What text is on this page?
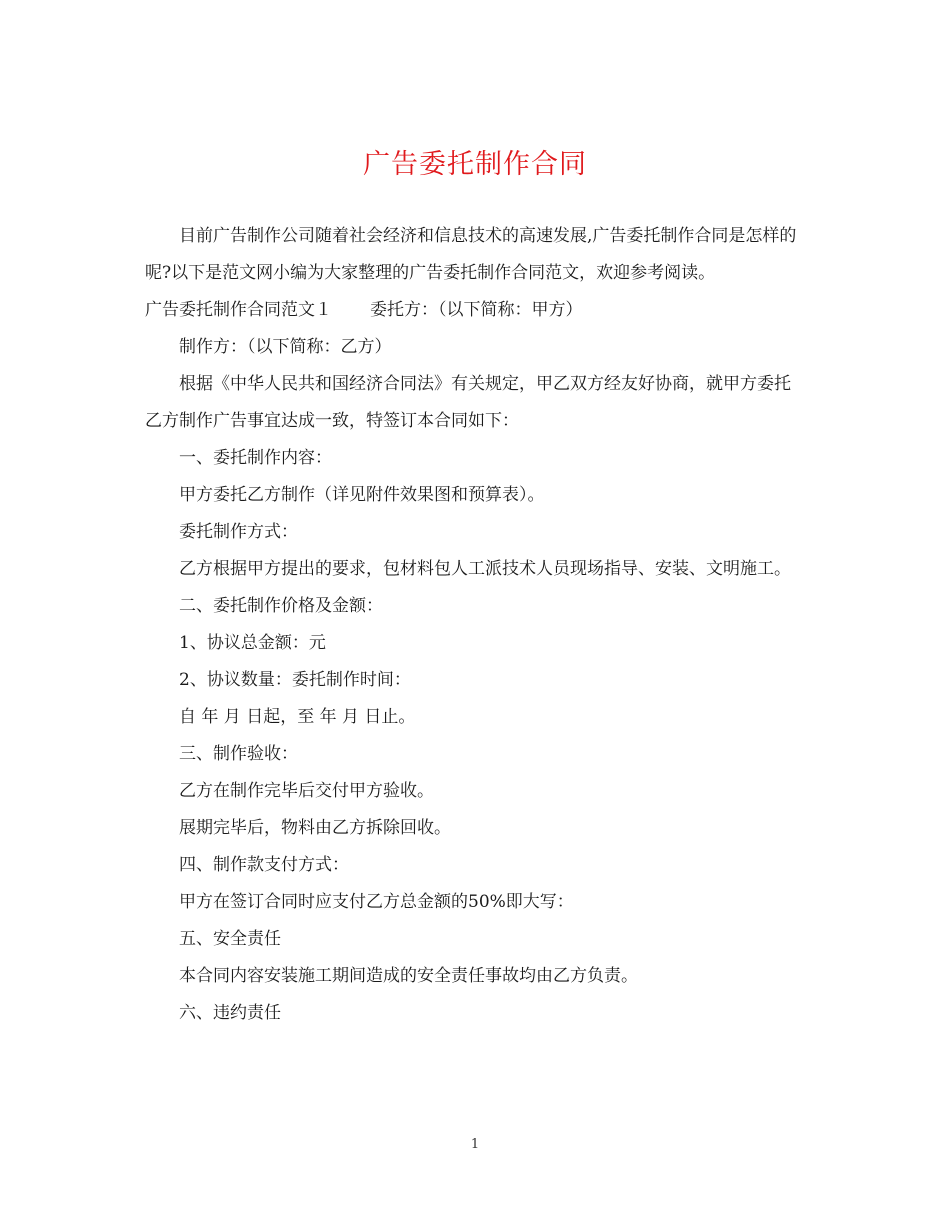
广告委托制作合同

目前广告制作公司随着社会经济和信息技术的高速发展,广告委托制作合同是怎样的呢?以下是范文网小编为大家整理的广告委托制作合同范文，欢迎参考阅读。

广告委托制作合同范文１ 委托方：（以下简称：甲方）

制作方：（以下简称：乙方）

根据《中华人民共和国经济合同法》有关规定，甲乙双方经友好协商，就甲方委托乙方制作广告事宜达成一致，特签订本合同如下：

一、委托制作内容：

甲方委托乙方制作（详见附件效果图和预算表）。

委托制作方式：

乙方根据甲方提出的要求，包材料包人工派技术人员现场指导、安装、文明施工。

二、委托制作价格及金额：

1、协议总金额：元

2、协议数量：委托制作时间：

自 年 月 日起，至 年 月 日止。

三、制作验收：

乙方在制作完毕后交付甲方验收。

展期完毕后，物料由乙方拆除回收。

四、制作款支付方式：

甲方在签订合同时应支付乙方总金额的50%即大写：

五、安全责任

本合同内容安装施工期间造成的安全责任事故均由乙方负责。

六、违约责任

1
